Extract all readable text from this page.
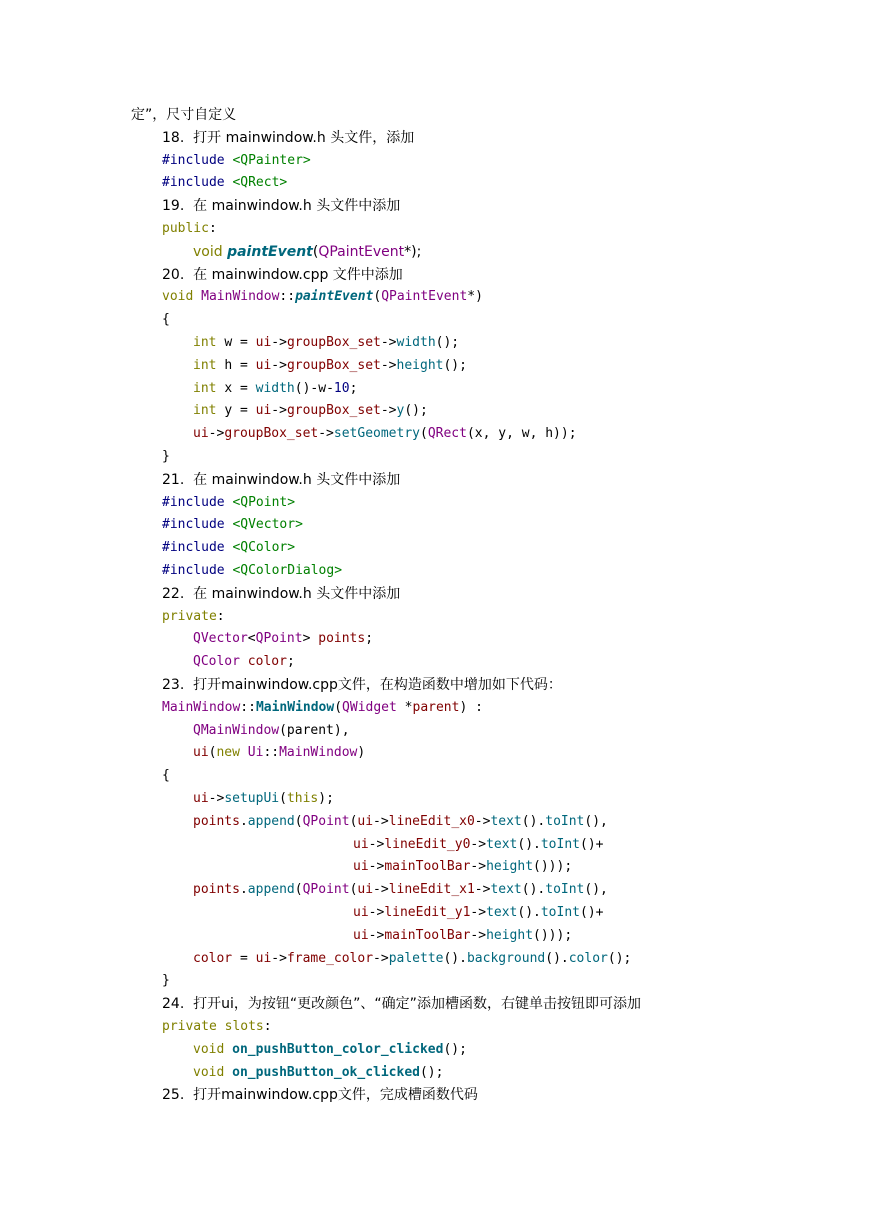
定”，尺寸自定义
18.  打开 mainwindow.h 头文件，添加
#include <QPainter>
#include <QRect>
19.  在 mainwindow.h 头文件中添加
public:
void paintEvent(QPaintEvent*);
20.  在 mainwindow.cpp 文件中添加
void MainWindow::paintEvent(QPaintEvent*)
{
int w = ui->groupBox_set->width();
int h = ui->groupBox_set->height();
int x = width()-w-10;
int y = ui->groupBox_set->y();
ui->groupBox_set->setGeometry(QRect(x, y, w, h));
}
21.  在 mainwindow.h 头文件中添加
#include <QPoint>
#include <QVector>
#include <QColor>
#include <QColorDialog>
22.  在 mainwindow.h 头文件中添加
private:
QVector<QPoint> points;
QColor color;
23.  打开mainwindow.cpp文件，在构造函数中增加如下代码：
MainWindow::MainWindow(QWidget *parent) :
QMainWindow(parent),
ui(new Ui::MainWindow)
{
ui->setupUi(this);
points.append(QPoint(ui->lineEdit_x0->text().toInt(),
ui->lineEdit_y0->text().toInt()+
ui->mainToolBar->height()));
points.append(QPoint(ui->lineEdit_x1->text().toInt(),
ui->lineEdit_y1->text().toInt()+
ui->mainToolBar->height()));
color = ui->frame_color->palette().background().color();
}
24.  打开ui，为按钮“更改颜色”、“确定”添加槽函数，右键单击按钮即可添加
private slots:
void on_pushButton_color_clicked();
void on_pushButton_ok_clicked();
25.  打开mainwindow.cpp文件，完成槽函数代码
